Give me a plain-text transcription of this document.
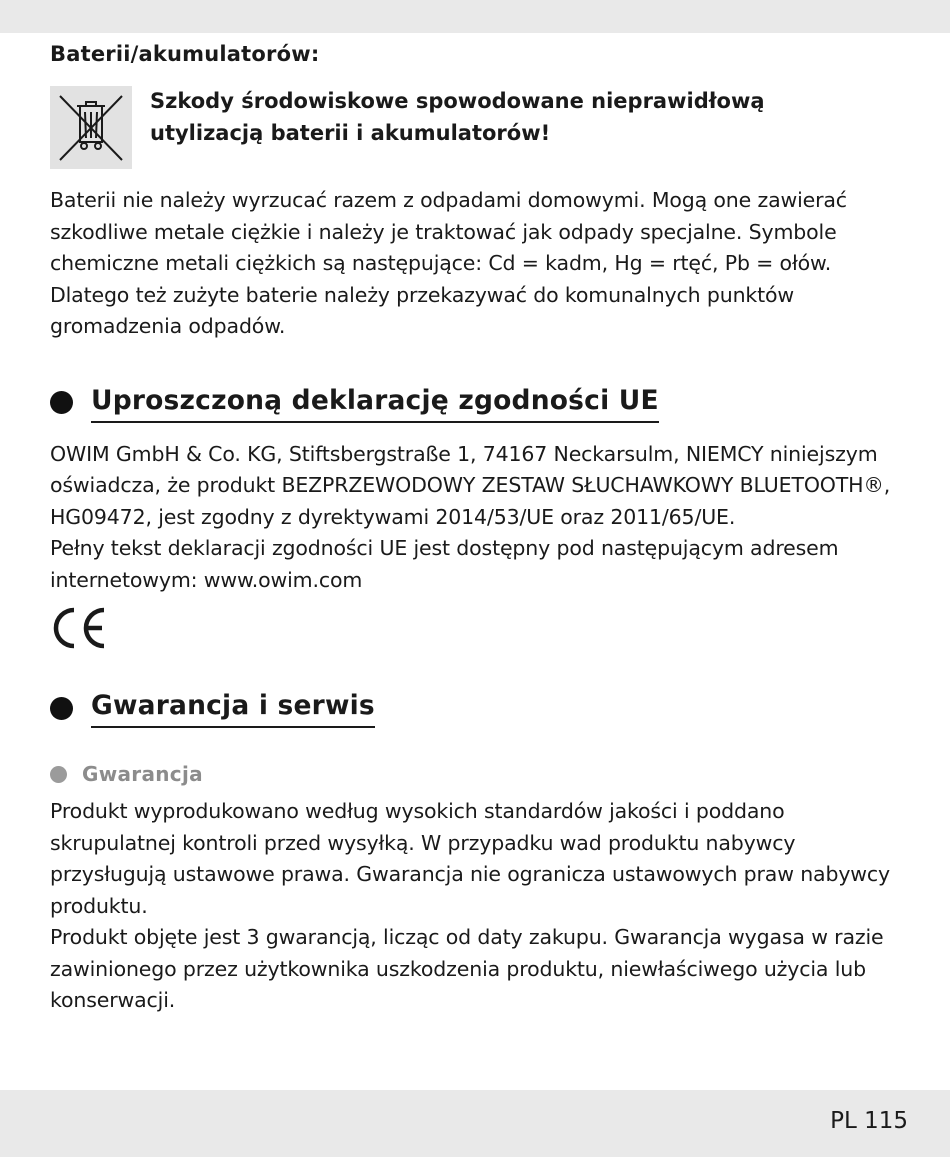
Baterii/akumulatorów:

Szkody środowiskowe spowodowane nieprawidłową
utylizacją baterii i akumulatorów!

Baterii nie należy wyrzucać razem z odpadami domowymi. Mogą one zawierać szkodliwe metale ciężkie i należy je traktować jak odpady specjalne. Symbole chemiczne metali ciężkich są następujące: Cd = kadm, Hg = rtęć, Pb = ołów. Dlatego też zużyte baterie należy przekazywać do komunalnych punktów gromadzenia odpadów.

Uproszczoną deklarację zgodności UE

OWIM GmbH & Co. KG, Stiftsbergstraße 1, 74167 Neckarsulm, NIEMCY niniejszym oświadcza, że produkt BEZPRZEWODOWY ZESTAW SŁUCHAWKOWY BLUETOOTH®, HG09472, jest zgodny z dyrektywami 2014/53/UE oraz 2011/65/UE.

Pełny tekst deklaracji zgodności UE jest dostępny pod następującym adresem internetowym: www.owim.com

Gwarancja i serwis
Gwarancja

Produkt wyprodukowano według wysokich standardów jakości i poddano skrupulatnej kontroli przed wysyłką. W przypadku wad produktu nabywcy przysługują ustawowe prawa. Gwarancja nie ogranicza ustawowych praw nabywcy produktu.

Produkt objęte jest 3 gwarancją, licząc od daty zakupu. Gwarancja wygasa w razie zawinionego przez użytkownika uszkodzenia produktu, niewłaściwego użycia lub konserwacji.

PL 115
